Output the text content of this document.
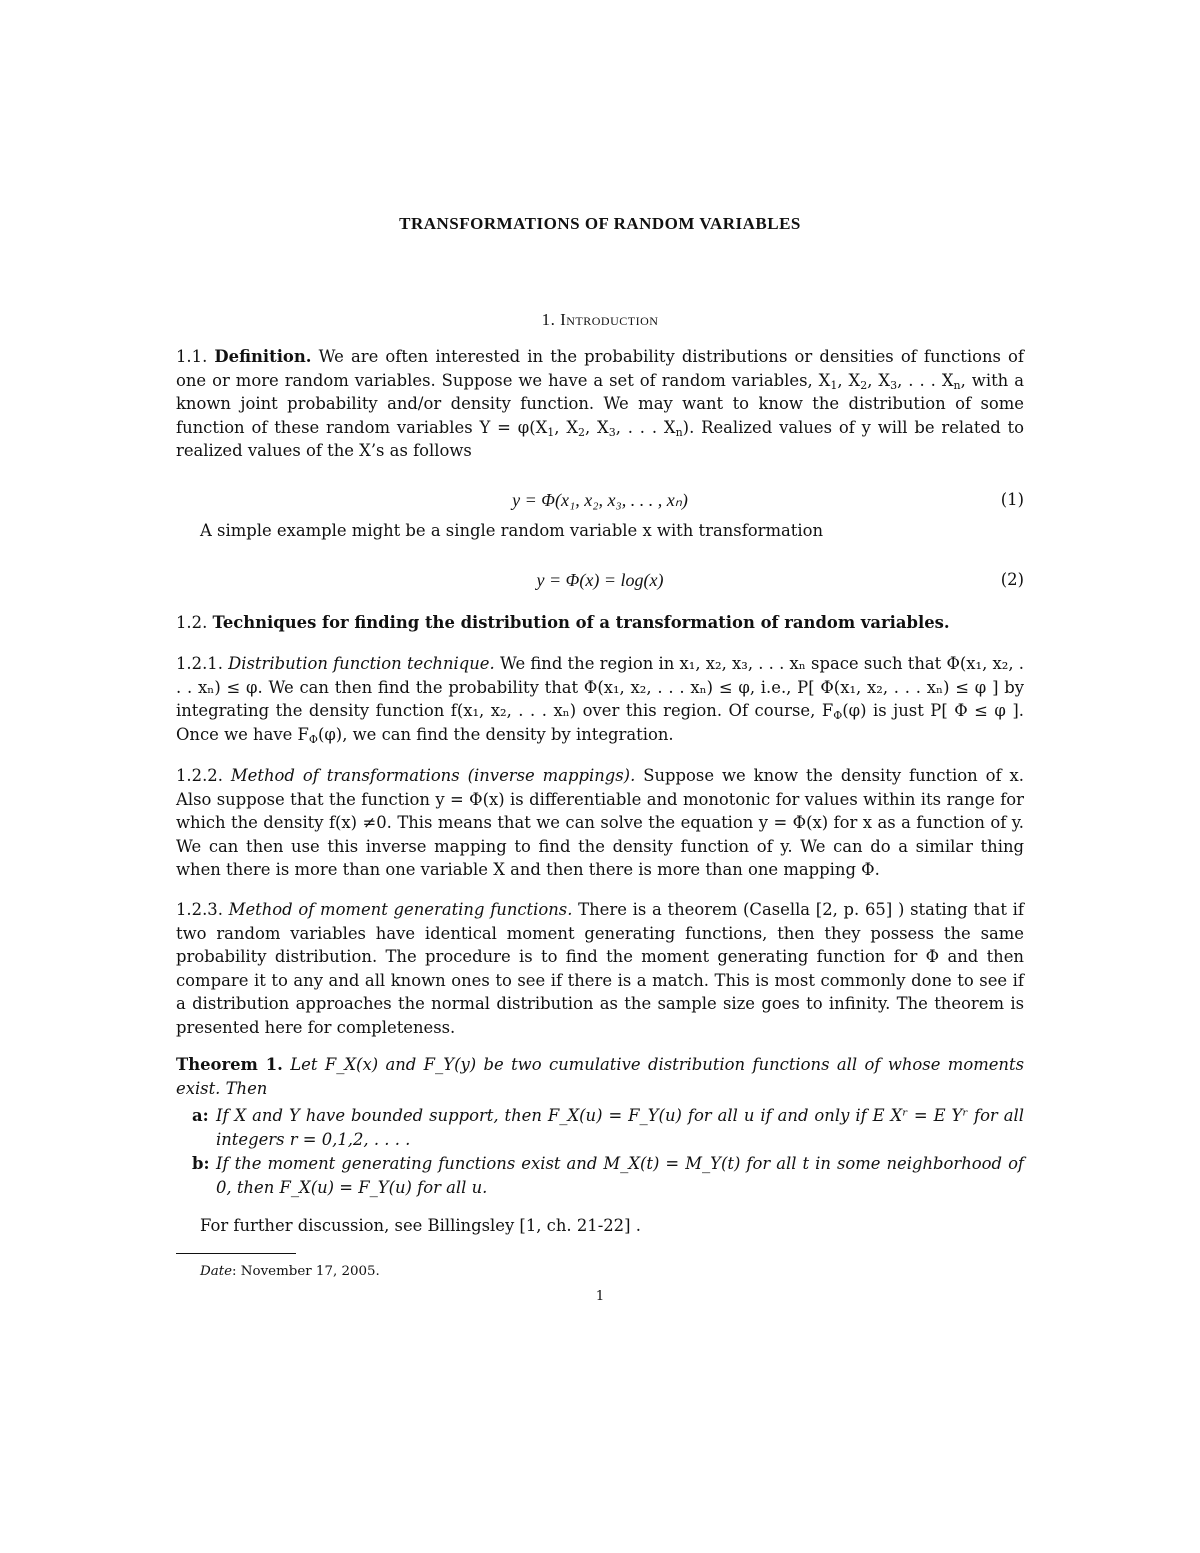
TRANSFORMATIONS OF RANDOM VARIABLES
1. Introduction
1.1. Definition. We are often interested in the probability distributions or densities of functions of one or more random variables. Suppose we have a set of random variables, $X_1$, $X_2$, $X_3$, . . . $X_n$, with a known joint probability and/or density function. We may want to know the distribution of some function of these random variables $Y = \varphi(X_1$, $X_2$, $X_3$, . . . $X_n$). Realized values of y will be related to realized values of the X’s as follows
y = Φ(x₁, x₂, x₃, . . . , xₙ)	(1)
A simple example might be a single random variable x with transformation
y = Φ(x) = log(x)	(2)
1.2. Techniques for finding the distribution of a transformation of random variables.
1.2.1. Distribution function technique. We find the region in x₁, x₂, x₃, . . . xₙ space such that Φ(x₁, x₂, . . . xₙ) ≤ φ. We can then find the probability that Φ(x₁, x₂, . . . xₙ) ≤ φ, i.e., P[ Φ(x₁, x₂, . . . xₙ) ≤ φ ] by integrating the density function f(x₁, x₂, . . . xₙ) over this region. Of course, $F_\Phi(\varphi)$ is just P[ Φ ≤ φ ]. Once we have $F_\Phi(\varphi)$, we can find the density by integration.
1.2.2. Method of transformations (inverse mappings). Suppose we know the density function of x. Also suppose that the function y = Φ(x) is differentiable and monotonic for values within its range for which the density f(x) ≠0. This means that we can solve the equation y = Φ(x) for x as a function of y. We can then use this inverse mapping to find the density function of y. We can do a similar thing when there is more than one variable X and then there is more than one mapping Φ.
1.2.3. Method of moment generating functions. There is a theorem (Casella [2, p. 65] ) stating that if two random variables have identical moment generating functions, then they possess the same probability distribution. The procedure is to find the moment generating function for Φ and then compare it to any and all known ones to see if there is a match. This is most commonly done to see if a distribution approaches the normal distribution as the sample size goes to infinity. The theorem is presented here for completeness.
Theorem 1. Let F_X(x) and F_Y(y) be two cumulative distribution functions all of whose moments exist. Then
a: If X and Y have bounded support, then F_X(u) = F_Y(u) for all u if and only if E Xʳ = E Yʳ for all integers r = 0,1,2, . . . .
b: If the moment generating functions exist and M_X(t) = M_Y(t) for all t in some neighborhood of 0, then F_X(u) = F_Y(u) for all u.
For further discussion, see Billingsley [1, ch. 21-22] .
Date: November 17, 2005.
1
